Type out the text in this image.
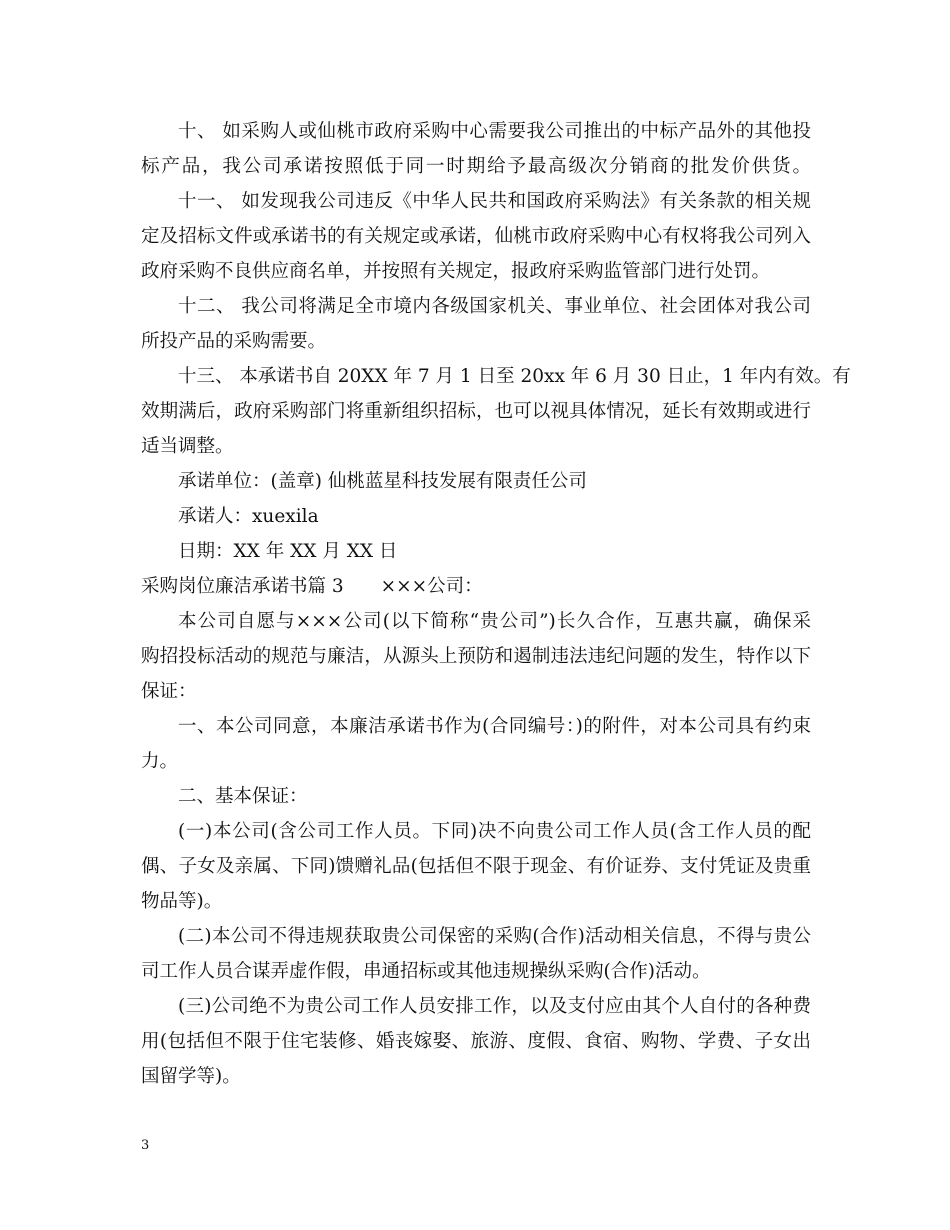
十、 如采购人或仙桃市政府采购中心需要我公司推出的中标产品外的其他投
标产品，我公司承诺按照低于同一时期给予最高级次分销商的批发价供货。
十一、 如发现我公司违反《中华人民共和国政府采购法》有关条款的相关规
定及招标文件或承诺书的有关规定或承诺，仙桃市政府采购中心有权将我公司列入
政府采购不良供应商名单，并按照有关规定，报政府采购监管部门进行处罚。
十二、 我公司将满足全市境内各级国家机关、事业单位、社会团体对我公司
所投产品的采购需要。
十三、 本承诺书自 20XX 年 7 月 1 日至 20xx 年 6 月 30 日止，1 年内有效。有
效期满后，政府采购部门将重新组织招标，也可以视具体情况，延长有效期或进行
适当调整。
承诺单位：(盖章) 仙桃蓝星科技发展有限责任公司
承诺人：xuexila
日期：XX 年 XX 月 XX 日
采购岗位廉洁承诺书篇 3　　×××公司：
本公司自愿与×××公司(以下简称“贵公司”)长久合作，互惠共赢，确保采
购招投标活动的规范与廉洁，从源头上预防和遏制违法违纪问题的发生，特作以下
保证：
一、本公司同意，本廉洁承诺书作为(合同编号：)的附件，对本公司具有约束
力。
二、基本保证：
(一)本公司(含公司工作人员。下同)决不向贵公司工作人员(含工作人员的配
偶、子女及亲属、下同)馈赠礼品(包括但不限于现金、有价证券、支付凭证及贵重
物品等)。
(二)本公司不得违规获取贵公司保密的采购(合作)活动相关信息，不得与贵公
司工作人员合谋弄虚作假，串通招标或其他违规操纵采购(合作)活动。
(三)公司绝不为贵公司工作人员安排工作，以及支付应由其个人自付的各种费
用(包括但不限于住宅装修、婚丧嫁娶、旅游、度假、食宿、购物、学费、子女出
国留学等)。
3
